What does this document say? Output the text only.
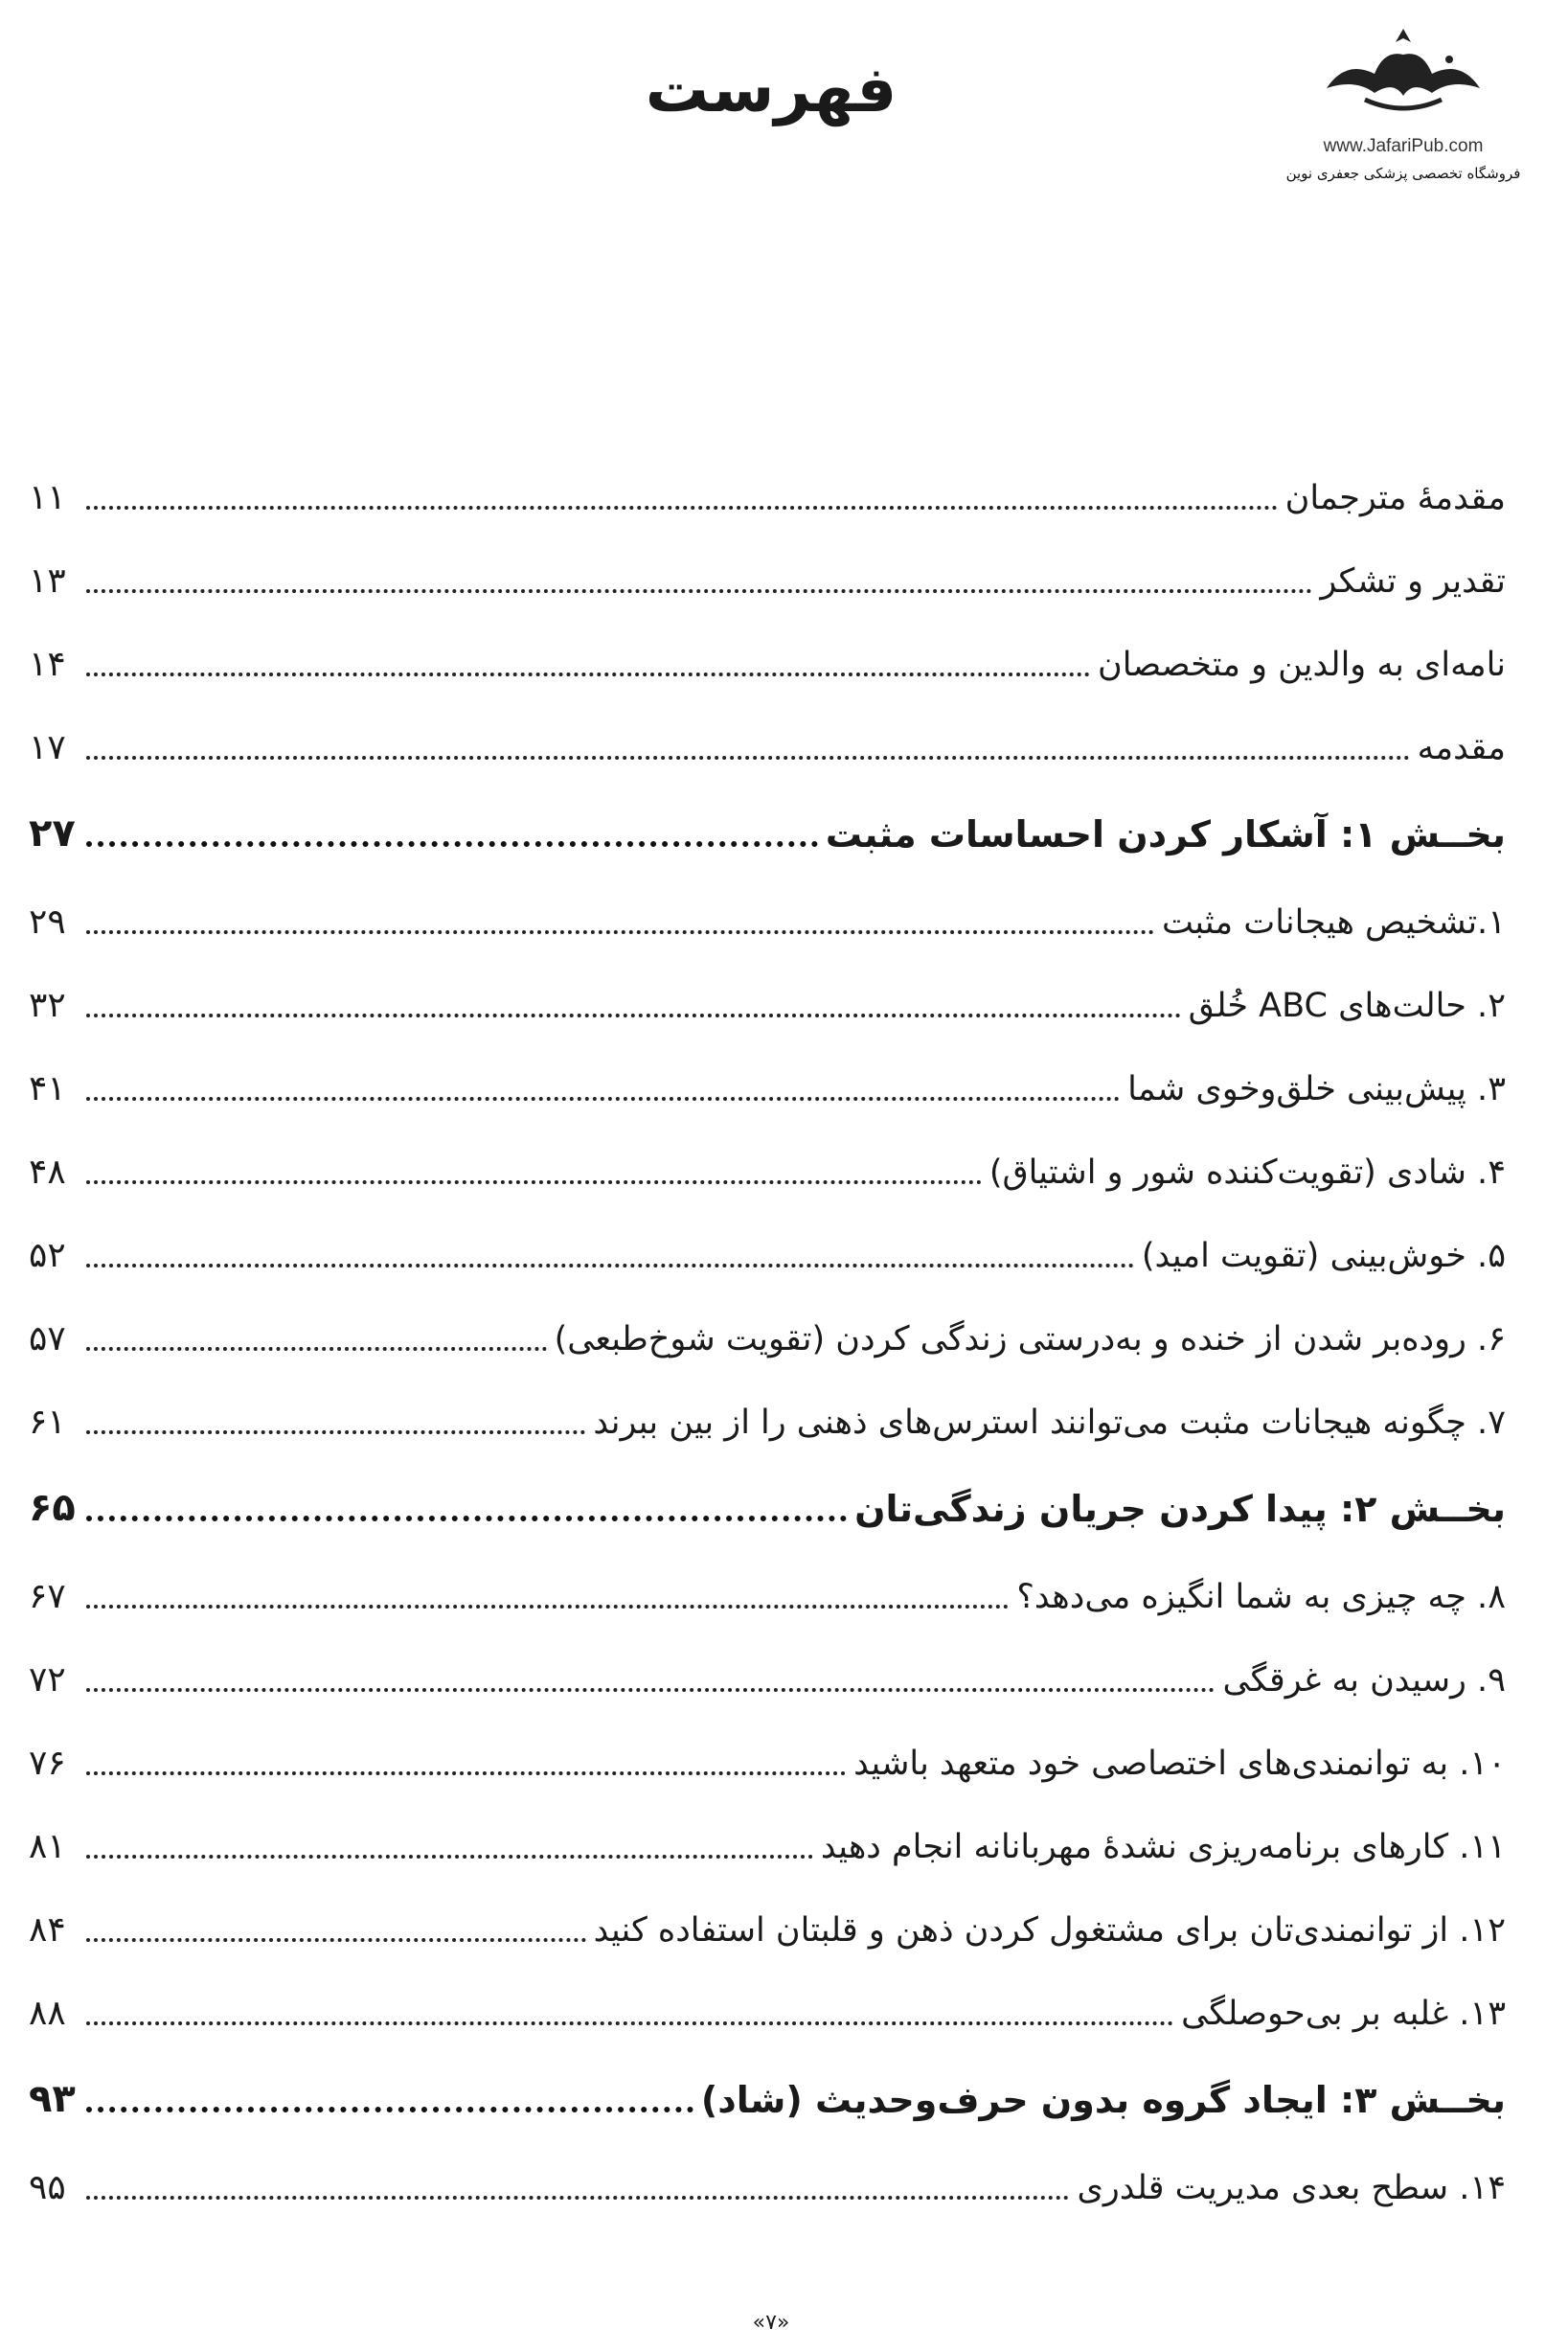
www.JafariPub.com
فروشگاه تخصصی پزشکی جعفری نوین
فهرست
۱۱	مقدمۀ مترجمان
۱۳	تقدیر و تشکر
۱۴	نامه‌ای به والدین و متخصصان
۱۷	مقدمه
۲۷	بخــش ۱: آشکار کردن احساسات مثبت
۲۹	۱.تشخیص هیجانات مثبت
۳۲	۲. حالت‌های ABC خُلق
۴۱	۳. پیش‌بینی خلق‌وخوی شما
۴۸	۴. شادی (تقویت‌کننده شور و اشتیاق)
۵۲	۵. خوش‌بینی (تقویت امید)
۵۷	۶. روده‌بر شدن از خنده و به‌درستی زندگی کردن (تقویت شوخ‌طبعی)
۶۱	۷. چگونه هیجانات مثبت می‌توانند استرس‌های ذهنی را از بین ببرند
۶۵	بخــش ۲: پیدا کردن جریان زندگی‌تان
۶۷	۸. چه چیزی به شما انگیزه می‌دهد؟
۷۲	۹. رسیدن به غرقگی
۷۶	۱۰. به توانمندی‌های اختصاصی خود متعهد باشید
۸۱	۱۱. کارهای برنامه‌ریزی نشدۀ مهربانانه انجام دهید
۸۴	۱۲. از توانمندی‌تان برای مشتغول کردن ذهن و قلبتان استفاده کنید
۸۸	۱۳. غلبه بر بی‌حوصلگی
۹۳	بخــش ۳: ایجاد گروه بدون حرف‌وحدیث (شاد)
۹۵	۱۴. سطح بعدی مدیریت قلدری
«۷»
